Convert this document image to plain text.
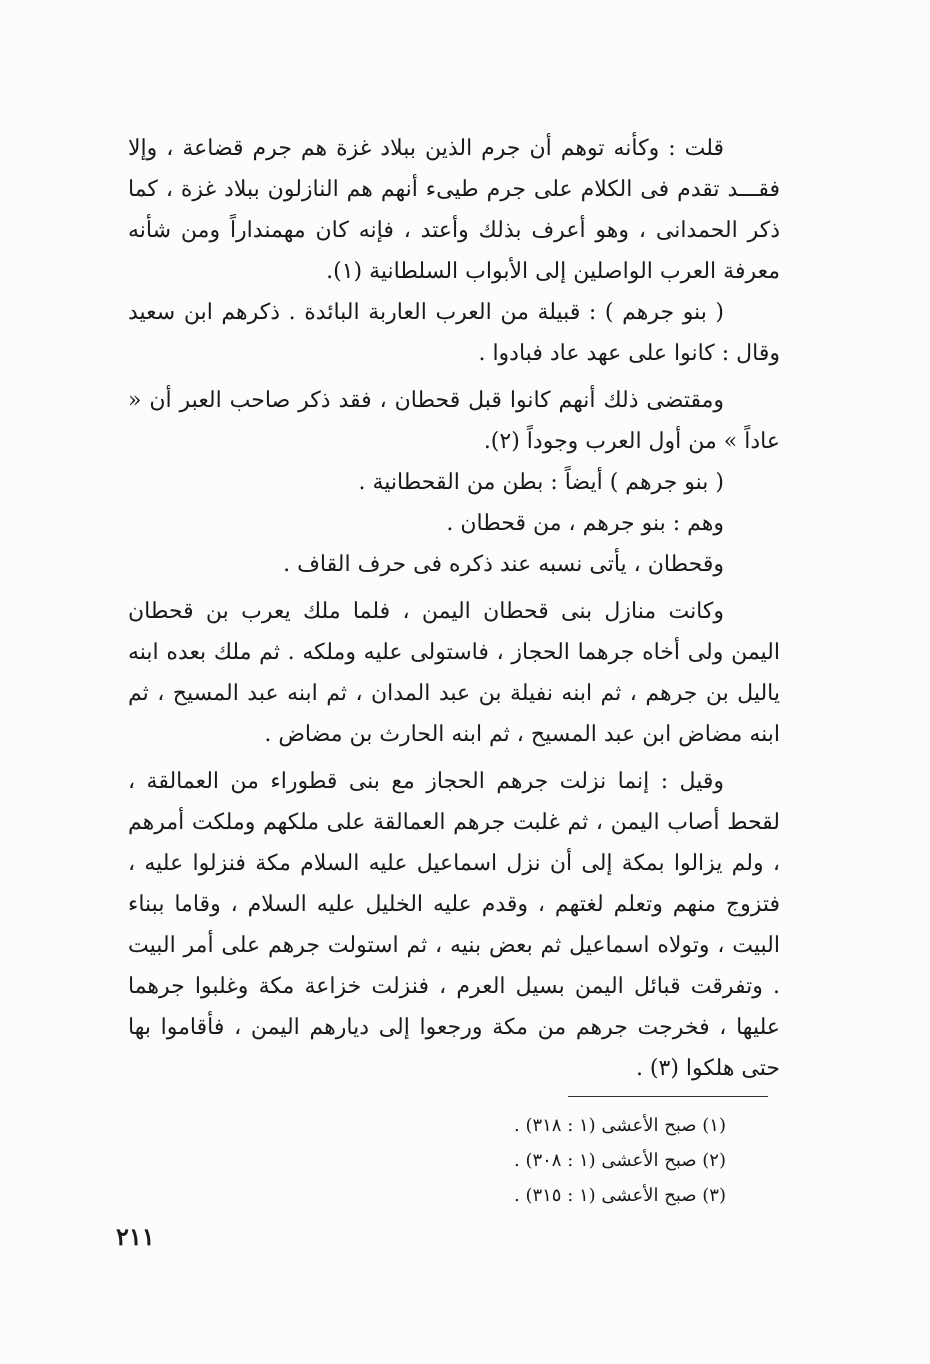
قلت : وكأنه توهم أن جرم الذين ببلاد غزة هم جرم قضاعة ، وإلا فقـــد تقدم فى الكلام على جرم طيىء أنهم هم النازلون ببلاد غزة ، كما ذكر الحمدانى ، وهو أعرف بذلك وأعتد ، فإنه كان مهمنداراً ومن شأنه معرفة العرب الواصلين إلى الأبواب السلطانية (١).

( بنو جرهم ) : قبيلة من العرب العاربة البائدة . ذكرهم ابن سعيد وقال : كانوا على عهد عاد فبادوا .

ومقتضى ذلك أنهم كانوا قبل قحطان ، فقد ذكر صاحب العبر أن « عاداً » من أول العرب وجوداً (٢).

( بنو جرهم ) أيضاً : بطن من القحطانية .

وهم : بنو جرهم ، من قحطان .

وقحطان ، يأتى نسبه عند ذكره فى حرف القاف .

وكانت منازل بنى قحطان اليمن ، فلما ملك يعرب بن قحطان اليمن ولى أخاه جرهما الحجاز ، فاستولى عليه وملكه . ثم ملك بعده ابنه ياليل بن جرهم ، ثم ابنه نفيلة بن عبد المدان ، ثم ابنه عبد المسيح ، ثم ابنه مضاض ابن عبد المسيح ، ثم ابنه الحارث بن مضاض .

وقيل : إنما نزلت جرهم الحجاز مع بنى قطوراء من العمالقة ، لقحط أصاب اليمن ، ثم غلبت جرهم العمالقة على ملكهم وملكت أمرهم ، ولم يزالوا بمكة إلى أن نزل اسماعيل عليه السلام مكة فنزلوا عليه ، فتزوج منهم وتعلم لغتهم ، وقدم عليه الخليل عليه السلام ، وقاما ببناء البيت ، وتولاه اسماعيل ثم بعض بنيه ، ثم استولت جرهم على أمر البيت . وتفرقت قبائل اليمن بسيل العرم ، فنزلت خزاعة مكة وغلبوا جرهما عليها ، فخرجت جرهم من مكة ورجعوا إلى ديارهم اليمن ، فأقاموا بها حتى هلكوا (٣) .

(١) صبح الأعشى (١ : ٣١٨) .

(٢) صبح الأعشى (١ : ٣٠٨) .

(٣) صبح الأعشى (١ : ٣١٥) .

٢١١
